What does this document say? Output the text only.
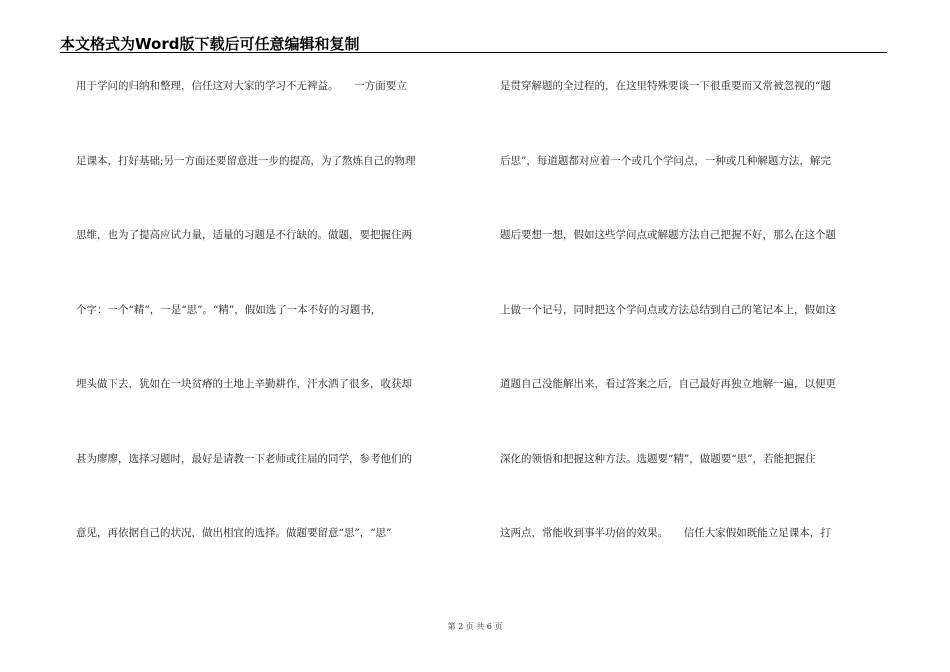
本文格式为Word版下载后可任意编辑和复制
用于学问的归纳和整理，信任这对大家的学习不无裨益。　　一方面要立
足课本，打好基础;另一方面还要留意进一步的提高，为了熬炼自己的物理
思维，也为了提高应试力量，适量的习题是不行缺的。做题，要把握住两
个字：一个“精”，一是“思”。“精”，假如选了一本不好的习题书，
埋头做下去，犹如在一块贫瘠的土地上辛勤耕作，汗水洒了很多，收获却
甚为廖廖，选择习题时，最好是请教一下老师或往届的同学，参考他们的
意见，再依据自己的状况，做出相宜的选择。做题要留意“思”，“思”
是贯穿解题的全过程的，在这里特殊要谈一下很重要而又常被忽视的“题
后思”，每道题都对应着一个或几个学问点，一种或几种解题方法，解完
题后要想一想，假如这些学问点或解题方法自己把握不好，那么在这个题
上做一个记号，同时把这个学问点或方法总结到自己的笔记本上，假如这
道题自己没能解出来，看过答案之后，自己最好再独立地解一遍，以便更
深化的领悟和把握这种方法。选题要“精”，做题要“思”，若能把握住
这两点，常能收到事半功倍的效果。　　信任大家假如既能立足课本，打
第 2 页 共 6 页
